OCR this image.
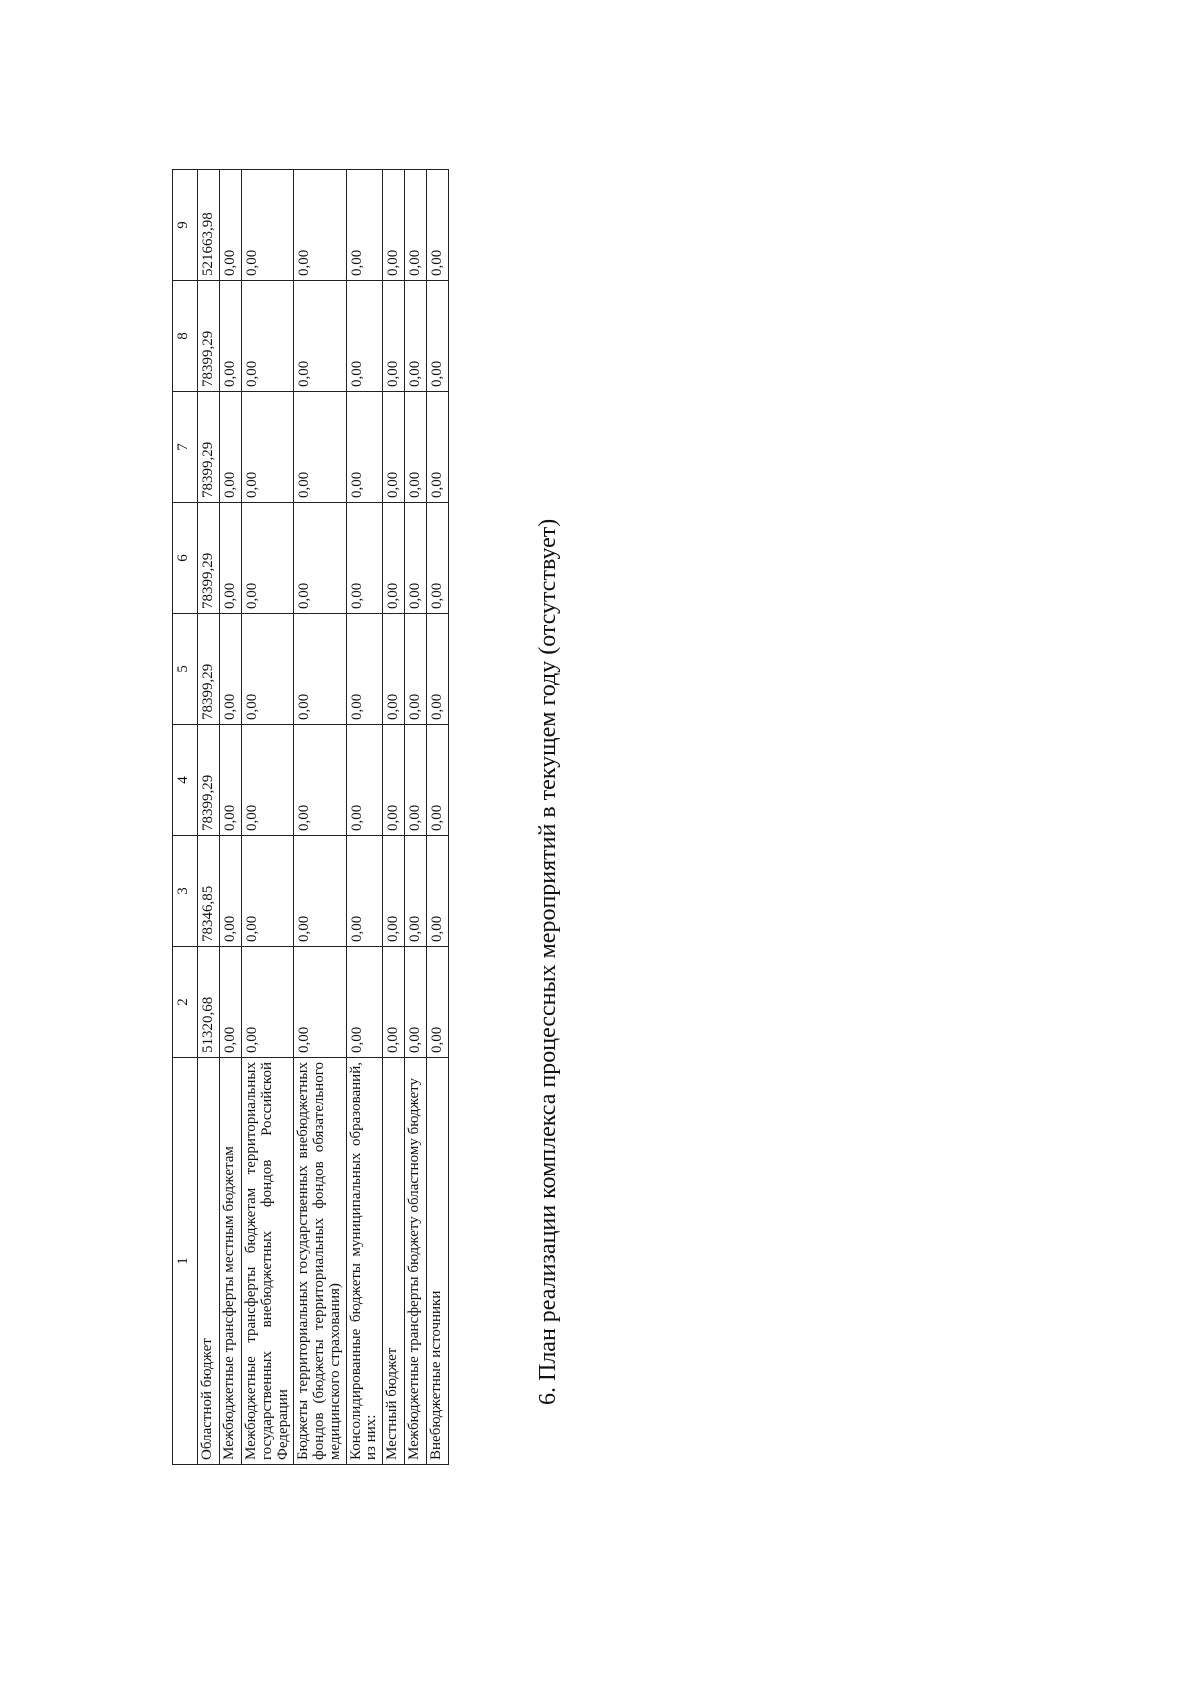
1	2	3	4	5	6	7	8	9
Областной бюджет	51320,68	78346,85	78399,29	78399,29	78399,29	78399,29	78399,29	521663,98
Межбюджетные трансферты местным бюджетам	0,00	0,00	0,00	0,00	0,00	0,00	0,00	0,00
Межбюджетные трансферты бюджетам территориальных государственных внебюджетных фондов Российской Федерации	0,00	0,00	0,00	0,00	0,00	0,00	0,00	0,00
Бюджеты территориальных государственных внебюджетных фондов (бюджеты территориальных фондов обязательного медицинского страхования)	0,00	0,00	0,00	0,00	0,00	0,00	0,00	0,00
Консолидированные бюджеты муниципальных образований, из них:	0,00	0,00	0,00	0,00	0,00	0,00	0,00	0,00
Местный бюджет	0,00	0,00	0,00	0,00	0,00	0,00	0,00	0,00
Межбюджетные трансферты бюджету областному бюджету	0,00	0,00	0,00	0,00	0,00	0,00	0,00	0,00
Внебюджетные источники	0,00	0,00	0,00	0,00	0,00	0,00	0,00	0,00
6. План реализации комплекса процессных мероприятий в текущем году (отсутствует)
